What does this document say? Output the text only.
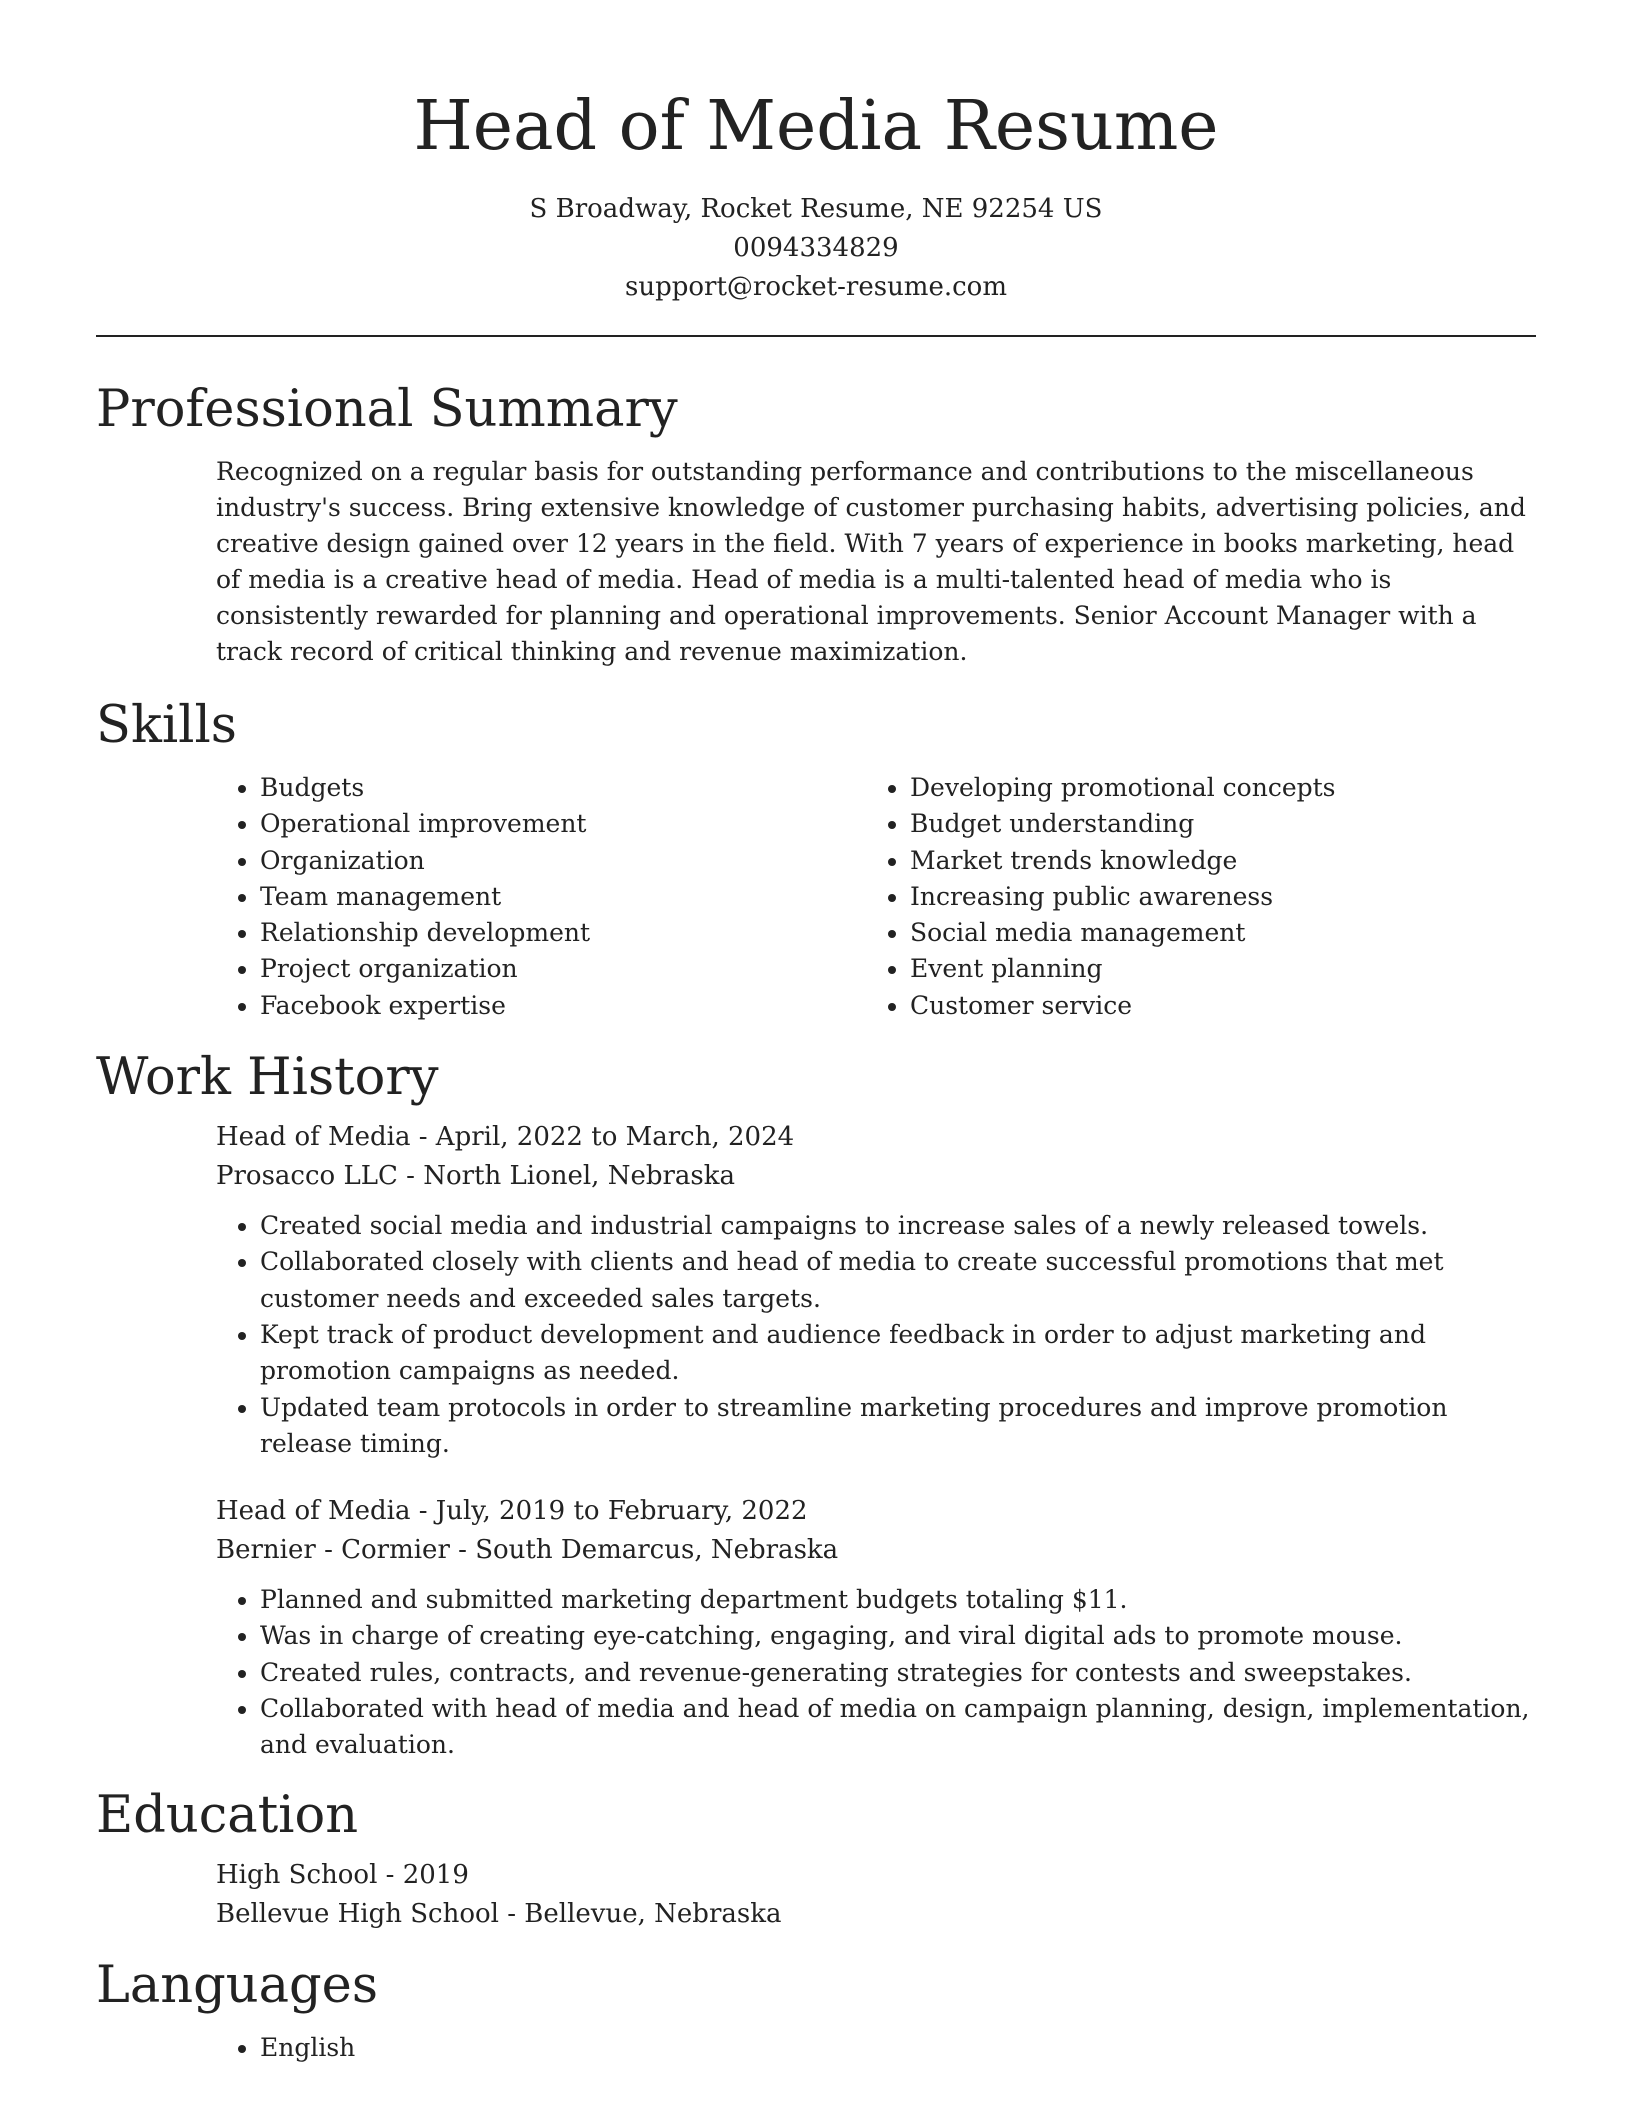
Head of Media Resume

S Broadway, Rocket Resume, NE 92254 US

0094334829

support@rocket-resume.com

Professional Summary

Recognized on a regular basis for outstanding performance and contributions to the miscellaneous industry's success. Bring extensive knowledge of customer purchasing habits, advertising policies, and creative design gained over 12 years in the field. With 7 years of experience in books marketing, head of media is a creative head of media. Head of media is a multi-talented head of media who is consistently rewarded for planning and operational improvements. Senior Account Manager with a track record of critical thinking and revenue maximization.

Skills
• Budgets
• Operational improvement
• Organization
• Team management
• Relationship development
• Project organization
• Facebook expertise
• Developing promotional concepts
• Budget understanding
• Market trends knowledge
• Increasing public awareness
• Social media management
• Event planning
• Customer service
Work History

Head of Media - April, 2022 to March, 2024

Prosacco LLC - North Lionel, Nebraska

• Created social media and industrial campaigns to increase sales of a newly released towels.
• Collaborated closely with clients and head of media to create successful promotions that met customer needs and exceeded sales targets.
• Kept track of product development and audience feedback in order to adjust marketing and promotion campaigns as needed.
• Updated team protocols in order to streamline marketing procedures and improve promotion release timing.

Head of Media - July, 2019 to February, 2022

Bernier - Cormier - South Demarcus, Nebraska

• Planned and submitted marketing department budgets totaling $11.
• Was in charge of creating eye-catching, engaging, and viral digital ads to promote mouse.
• Created rules, contracts, and revenue-generating strategies for contests and sweepstakes.
• Collaborated with head of media and head of media on campaign planning, design, implementation, and evaluation.
Education

High School - 2019

Bellevue High School - Bellevue, Nebraska

Languages
• English
